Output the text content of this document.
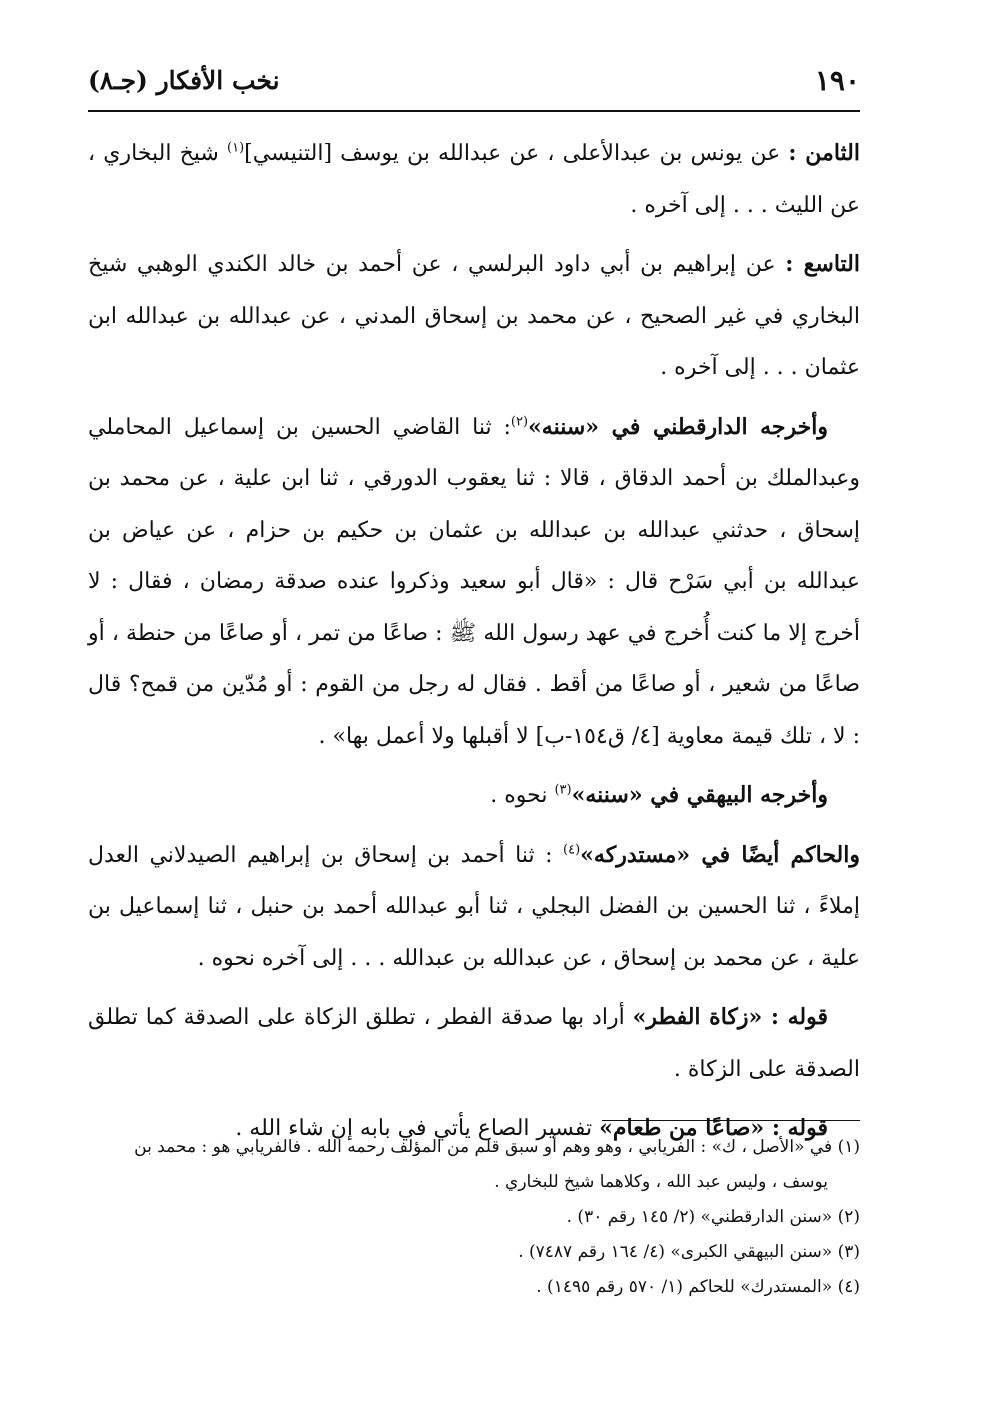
١٩٠
نخب الأفكار (جـ٨)

الثامن : عن يونس بن عبدالأعلى ، عن عبدالله بن يوسف [التنيسي]$^{(١)}$ شيخ البخاري ، عن الليث . . . إلى آخره .

التاسع : عن إبراهيم بن أبي داود البرلسي ، عن أحمد بن خالد الكندي الوهبي شيخ البخاري في غير الصحيح ، عن محمد بن إسحاق المدني ، عن عبدالله بن عبدالله ابن عثمان . . . إلى آخره .

وأخرجه الدارقطني في «سننه»$^{(٢)}$: ثنا القاضي الحسين بن إسماعيل المحاملي وعبدالملك بن أحمد الدقاق ، قالا : ثنا يعقوب الدورقي ، ثنا ابن علية ، عن محمد بن إسحاق ، حدثني عبدالله بن عبدالله بن عثمان بن حكيم بن حزام ، عن عياض بن عبدالله بن أبي سَرْح قال : «قال أبو سعيد وذكروا عنده صدقة رمضان ، فقال : لا أخرج إلا ما كنت أُخرج في عهد رسول الله ﷺ : صاعًا من تمر ، أو صاعًا من حنطة ، أو صاعًا من شعير ، أو صاعًا من أقط . فقال له رجل من القوم : أو مُدّين من قمح؟ قال : لا ، تلك قيمة معاوية [٤/ ق١٥٤-ب] لا أقبلها ولا أعمل بها» .

وأخرجه البيهقي في «سننه»$^{(٣)}$ نحوه .

والحاكم أيضًا في «مستدركه»$^{(٤)}$ : ثنا أحمد بن إسحاق بن إبراهيم الصيدلاني العدل إملاءً ، ثنا الحسين بن الفضل البجلي ، ثنا أبو عبدالله أحمد بن حنبل ، ثنا إسماعيل بن علية ، عن محمد بن إسحاق ، عن عبدالله بن عبدالله . . . إلى آخره نحوه .

قوله : «زكاة الفطر» أراد بها صدقة الفطر ، تطلق الزكاة على الصدقة كما تطلق الصدقة على الزكاة .

قوله : «صاعًا من طعام» تفسير الصاع يأتي في بابه إن شاء الله .

(١) في «الأصل ، ك» : الفريابي ، وهو وهم أو سبق قلم من المؤلف رحمه الله . فالفريابي هو : محمد بن

يوسف ، وليس عبد الله ، وكلاهما شيخ للبخاري .

(٢) «سنن الدارقطني» (٢/ ١٤٥ رقم ٣٠) .

(٣) «سنن البيهقي الكبرى» (٤/ ١٦٤ رقم ٧٤٨٧) .

(٤) «المستدرك» للحاكم (١/ ٥٧٠ رقم ١٤٩٥) .
